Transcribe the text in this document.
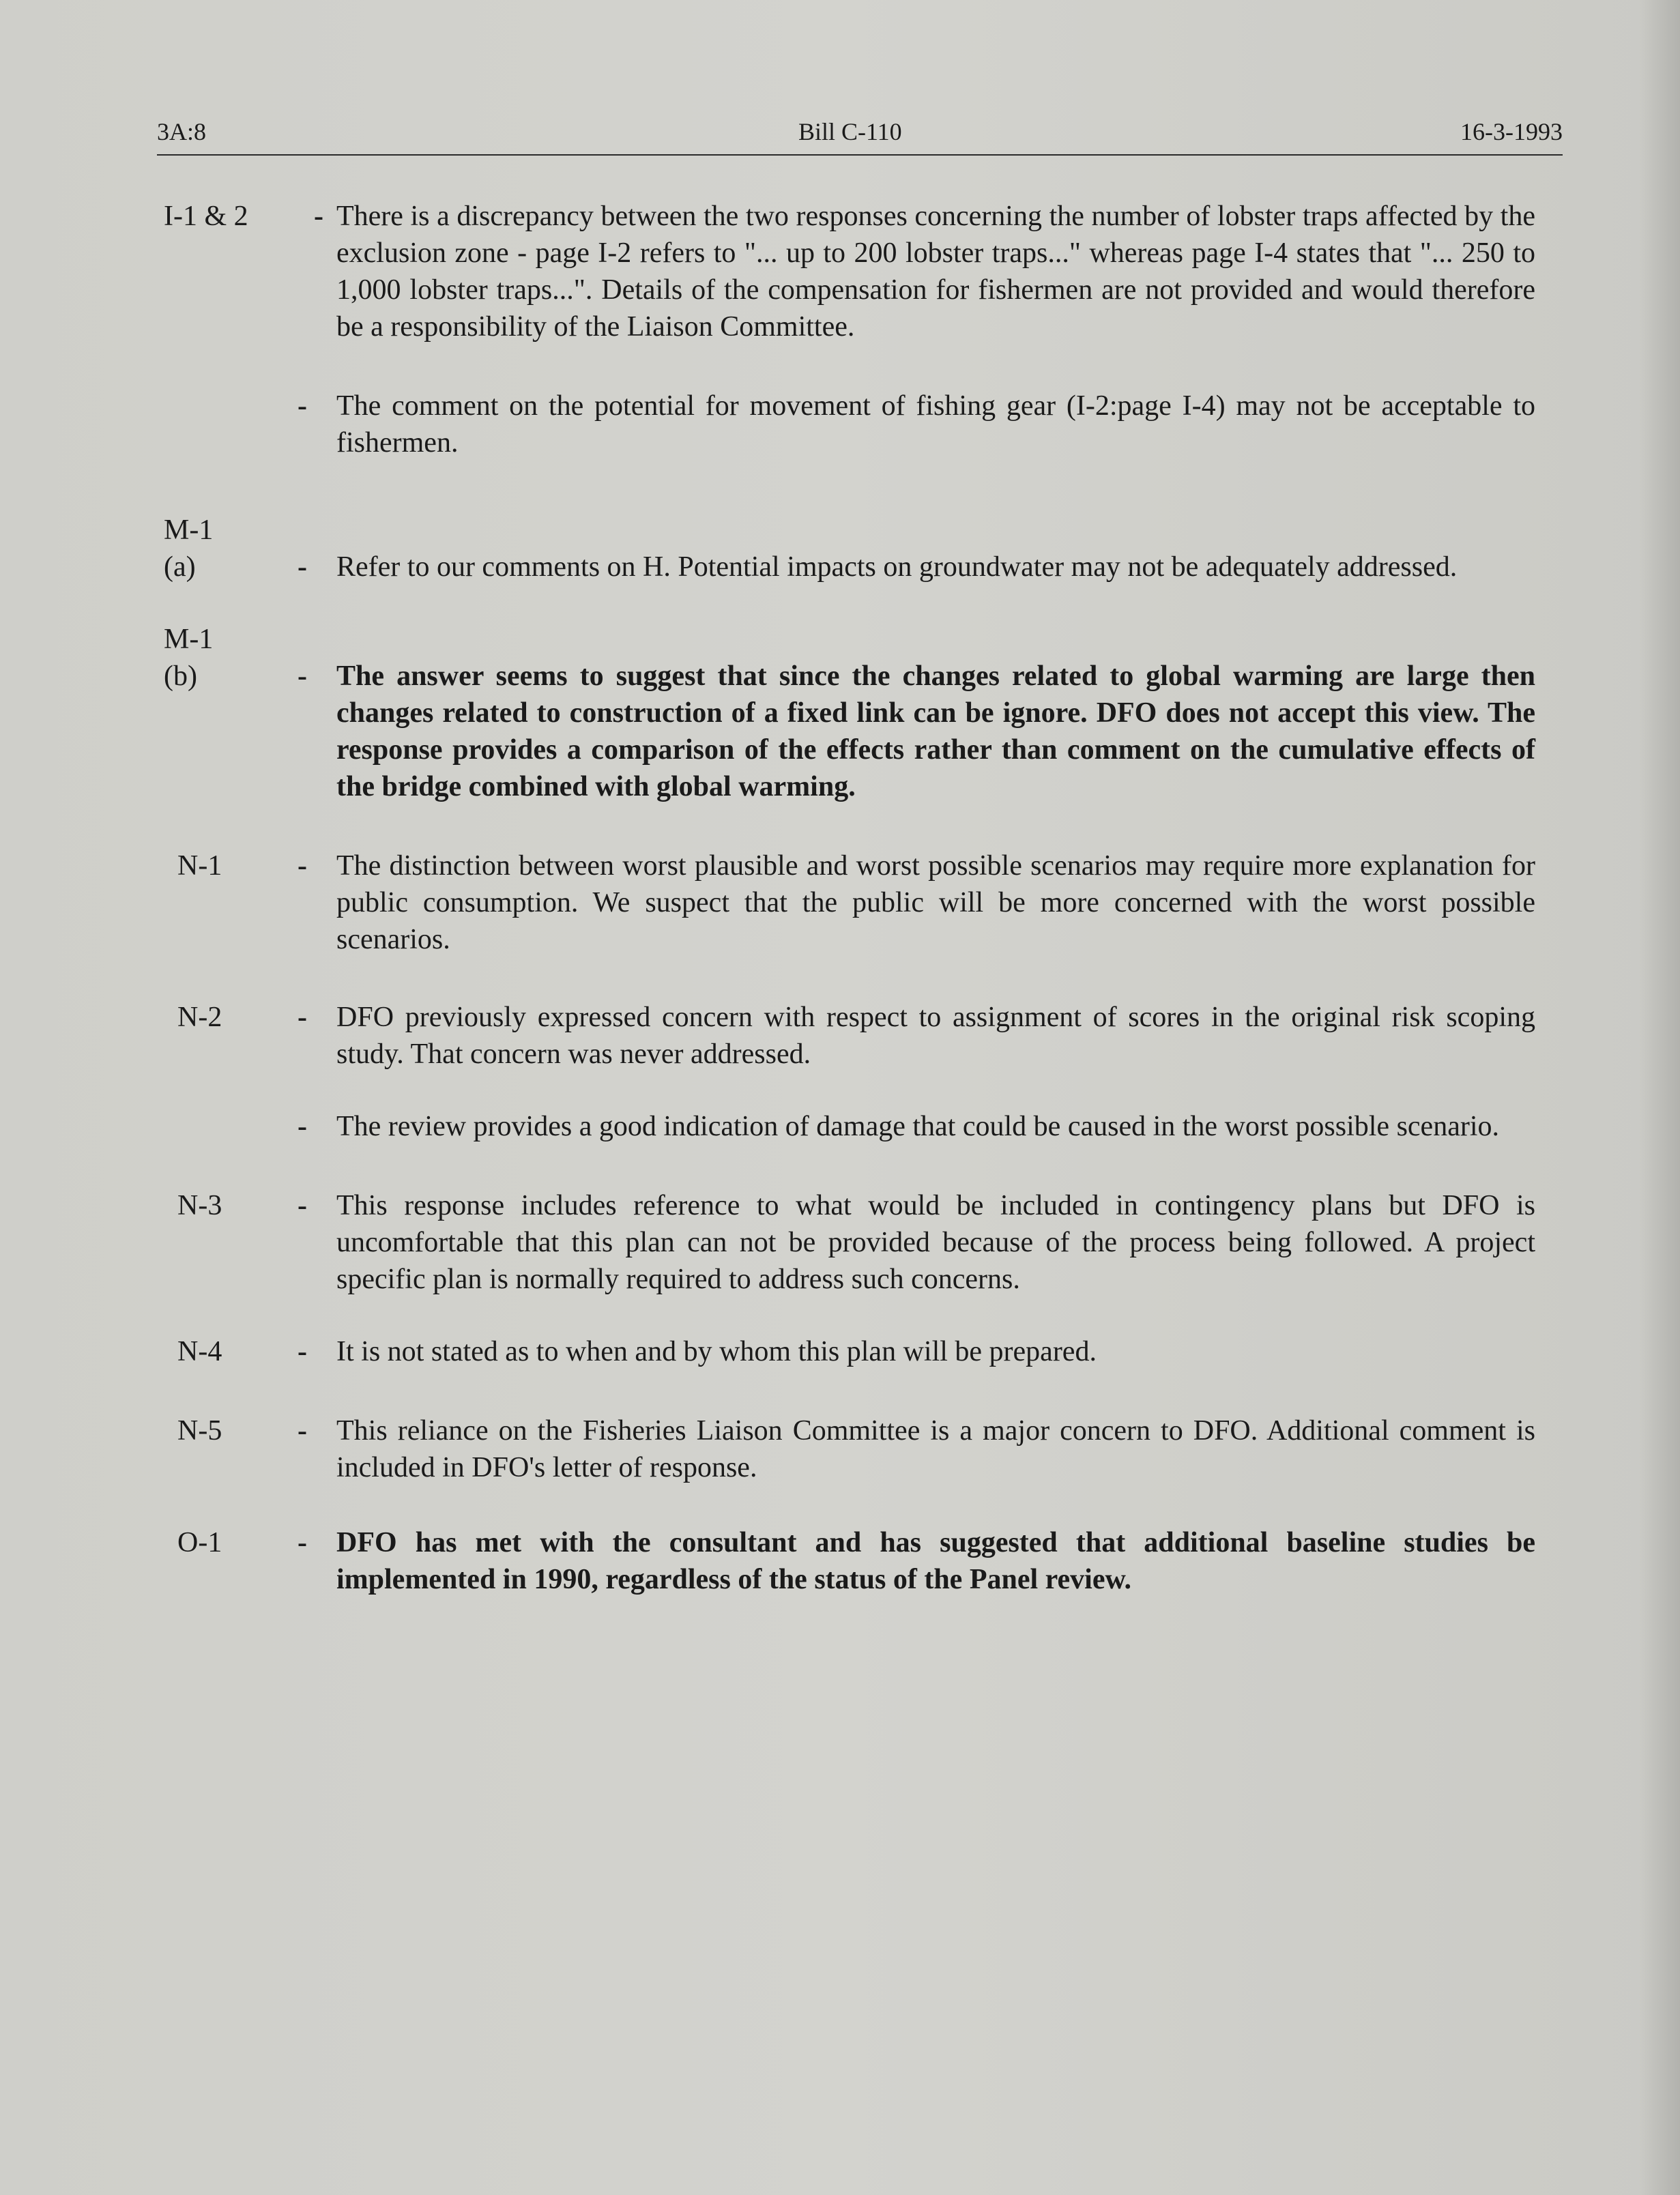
3A:8	Bill C-110	16-3-1993
I-1 & 2 - There is a discrepancy between the two responses concerning the number of lobster traps affected by the exclusion zone - page I-2 refers to "... up to 200 lobster traps..." whereas page I-4 states that "... 250 to 1,000 lobster traps...". Details of the compensation for fishermen are not provided and would therefore be a responsibility of the Liaison Committee.
- The comment on the potential for movement of fishing gear (I-2:page I-4) may not be acceptable to fishermen.
M-1
(a)	- Refer to our comments on H. Potential impacts on groundwater may not be adequately addressed.
M-1
(b)	- The answer seems to suggest that since the changes related to global warming are large then changes related to construction of a fixed link can be ignore. DFO does not accept this view. The response provides a comparison of the effects rather than comment on the cumulative effects of the bridge combined with global warming.
N-1	- The distinction between worst plausible and worst possible scenarios may require more explanation for public consumption. We suspect that the public will be more concerned with the worst possible scenarios.
N-2	- DFO previously expressed concern with respect to assignment of scores in the original risk scoping study. That concern was never addressed.
- The review provides a good indication of damage that could be caused in the worst possible scenario.
N-3	- This response includes reference to what would be included in contingency plans but DFO is uncomfortable that this plan can not be provided because of the process being followed. A project specific plan is normally required to address such concerns.
N-4	- It is not stated as to when and by whom this plan will be prepared.
N-5	- This reliance on the Fisheries Liaison Committee is a major concern to DFO. Additional comment is included in DFO's letter of response.
O-1	- DFO has met with the consultant and has suggested that additional baseline studies be implemented in 1990, regardless of the status of the Panel review.
